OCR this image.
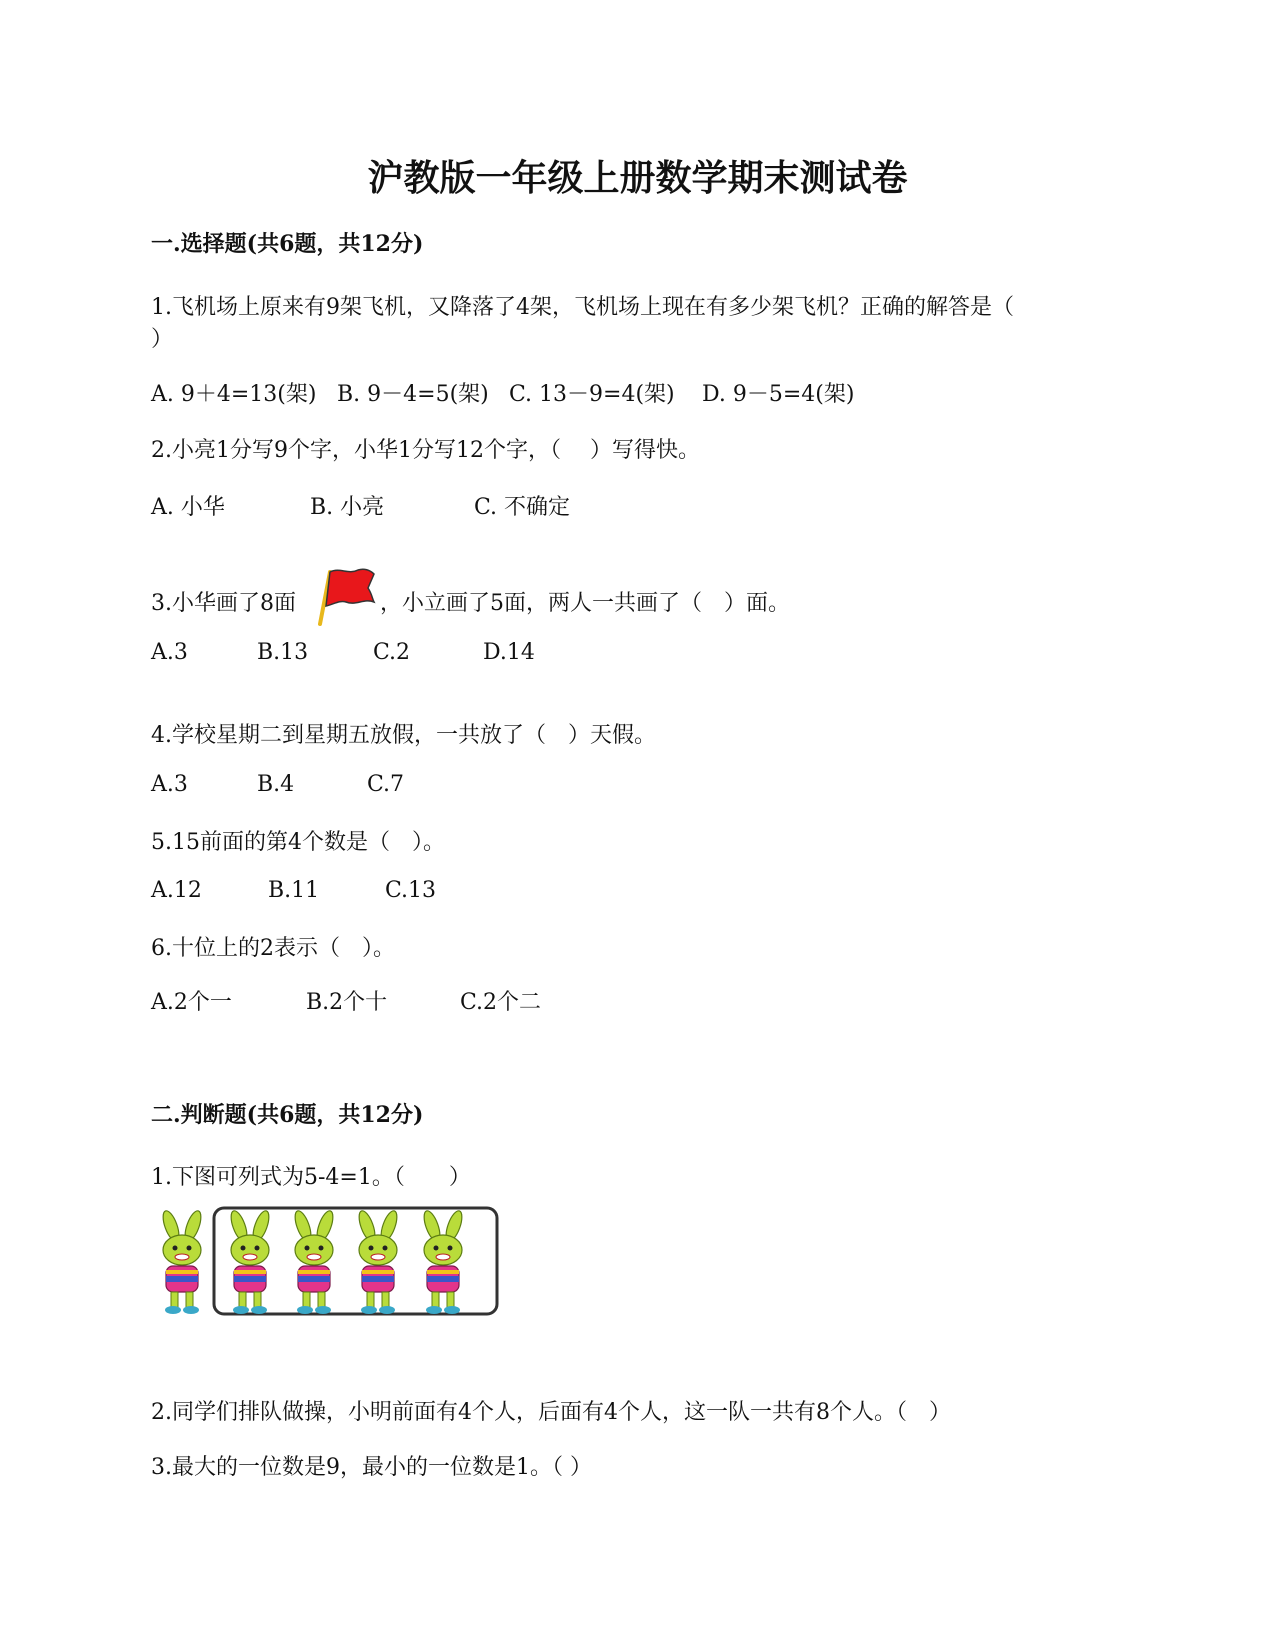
沪教版一年级上册数学期末测试卷
一.选择题(共6题，共12分)
1.飞机场上原来有9架飞机，又降落了4架，飞机场上现在有多少架飞机？正确的解答是（
）
A. 9＋4=13(架) B. 9－4=5(架) C. 13－9=4(架) D. 9－5=4(架)
2.小亮1分写9个字，小华1分写12个字，（　 ）写得快。
A. 小华	B. 小亮	C. 不确定
3.小华画了8面	，小立画了5面，两人一共画了（　）面。
A.3	B.13	C.2	D.14
4.学校星期二到星期五放假，一共放了（　）天假。
A.3	B.4	C.7
5.15前面的第4个数是（　）。
A.12	B.11	C.13
6.十位上的2表示（　）。
A.2个一	B.2个十	C.2个二
二.判断题(共6题，共12分)
1.下图可列式为5-4=1。（　　）
2.同学们排队做操，小明前面有4个人，后面有4个人，这一队一共有8个人。（　）
3.最大的一位数是9，最小的一位数是1。（ ）
